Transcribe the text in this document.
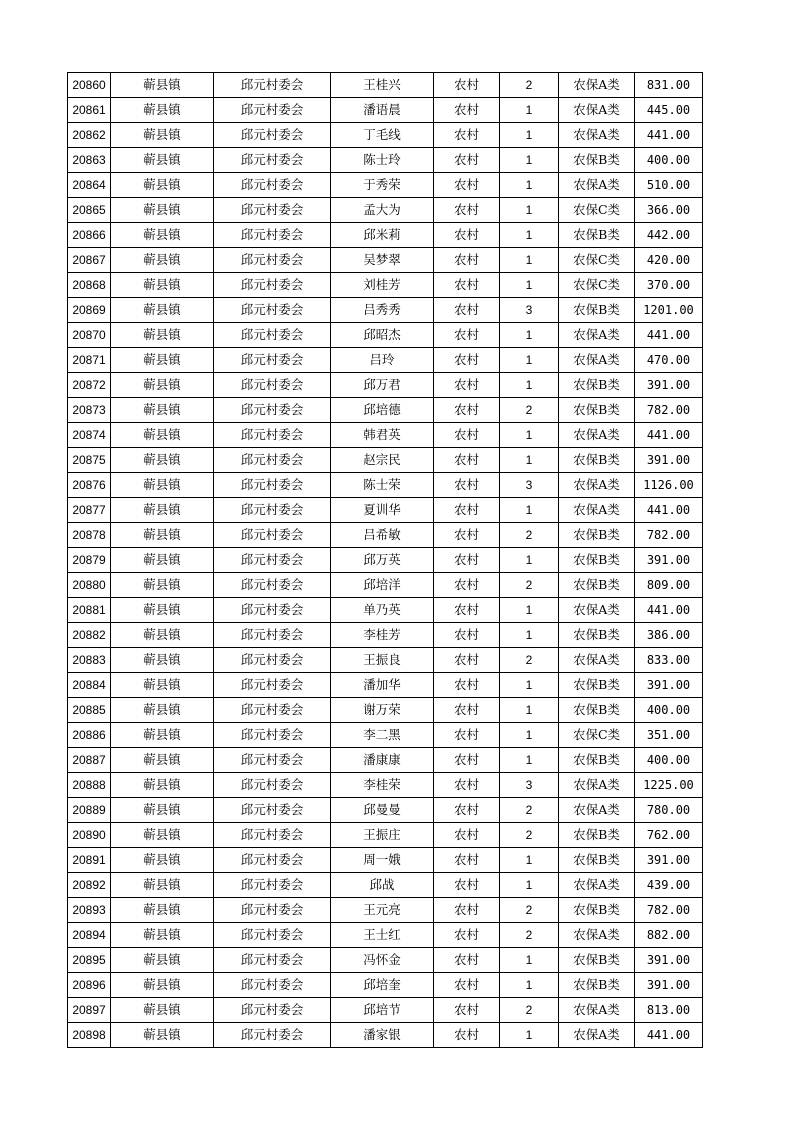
20860	蕲县镇	邱元村委会	王桂兴	农村	2	农保A类	831.00
20861	蕲县镇	邱元村委会	潘语晨	农村	1	农保A类	445.00
20862	蕲县镇	邱元村委会	丁毛线	农村	1	农保A类	441.00
20863	蕲县镇	邱元村委会	陈士玲	农村	1	农保B类	400.00
20864	蕲县镇	邱元村委会	于秀荣	农村	1	农保A类	510.00
20865	蕲县镇	邱元村委会	孟大为	农村	1	农保C类	366.00
20866	蕲县镇	邱元村委会	邱米莉	农村	1	农保B类	442.00
20867	蕲县镇	邱元村委会	吴梦翠	农村	1	农保C类	420.00
20868	蕲县镇	邱元村委会	刘桂芳	农村	1	农保C类	370.00
20869	蕲县镇	邱元村委会	吕秀秀	农村	3	农保B类	1201.00
20870	蕲县镇	邱元村委会	邱昭杰	农村	1	农保A类	441.00
20871	蕲县镇	邱元村委会	吕玲	农村	1	农保A类	470.00
20872	蕲县镇	邱元村委会	邱万君	农村	1	农保B类	391.00
20873	蕲县镇	邱元村委会	邱培德	农村	2	农保B类	782.00
20874	蕲县镇	邱元村委会	韩君英	农村	1	农保A类	441.00
20875	蕲县镇	邱元村委会	赵宗民	农村	1	农保B类	391.00
20876	蕲县镇	邱元村委会	陈士荣	农村	3	农保A类	1126.00
20877	蕲县镇	邱元村委会	夏训华	农村	1	农保A类	441.00
20878	蕲县镇	邱元村委会	吕希敏	农村	2	农保B类	782.00
20879	蕲县镇	邱元村委会	邱万英	农村	1	农保B类	391.00
20880	蕲县镇	邱元村委会	邱培洋	农村	2	农保B类	809.00
20881	蕲县镇	邱元村委会	单乃英	农村	1	农保A类	441.00
20882	蕲县镇	邱元村委会	李桂芳	农村	1	农保B类	386.00
20883	蕲县镇	邱元村委会	王振良	农村	2	农保A类	833.00
20884	蕲县镇	邱元村委会	潘加华	农村	1	农保B类	391.00
20885	蕲县镇	邱元村委会	谢万荣	农村	1	农保B类	400.00
20886	蕲县镇	邱元村委会	李二黑	农村	1	农保C类	351.00
20887	蕲县镇	邱元村委会	潘康康	农村	1	农保B类	400.00
20888	蕲县镇	邱元村委会	李桂荣	农村	3	农保A类	1225.00
20889	蕲县镇	邱元村委会	邱曼曼	农村	2	农保A类	780.00
20890	蕲县镇	邱元村委会	王振庄	农村	2	农保B类	762.00
20891	蕲县镇	邱元村委会	周一娥	农村	1	农保B类	391.00
20892	蕲县镇	邱元村委会	邱战	农村	1	农保A类	439.00
20893	蕲县镇	邱元村委会	王元亮	农村	2	农保B类	782.00
20894	蕲县镇	邱元村委会	王士红	农村	2	农保A类	882.00
20895	蕲县镇	邱元村委会	冯怀金	农村	1	农保B类	391.00
20896	蕲县镇	邱元村委会	邱培奎	农村	1	农保B类	391.00
20897	蕲县镇	邱元村委会	邱培节	农村	2	农保A类	813.00
20898	蕲县镇	邱元村委会	潘家银	农村	1	农保A类	441.00
